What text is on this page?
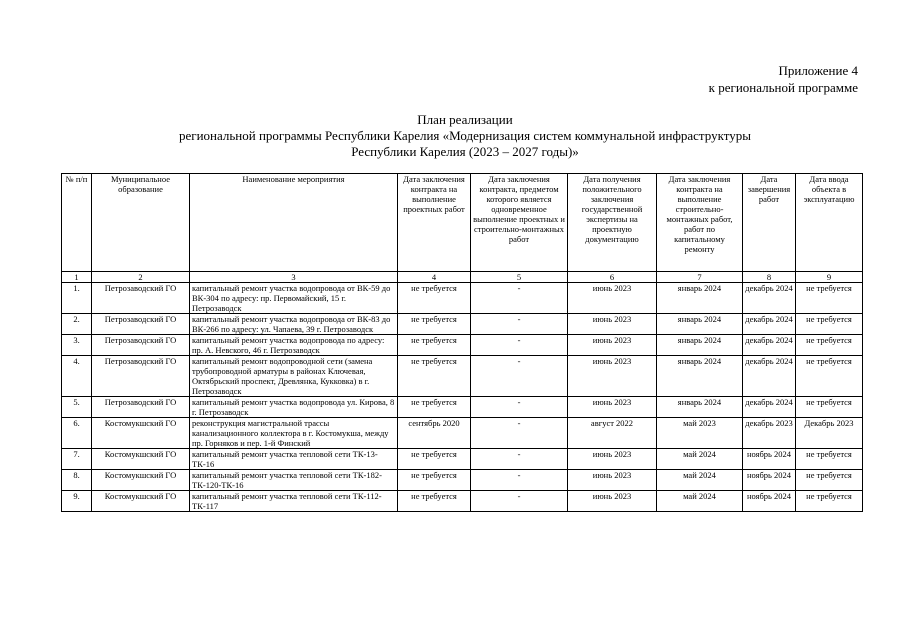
Приложение 4
к региональной программе
План реализации
региональной программы Республики Карелия «Модернизация систем коммунальной инфраструктуры
Республики Карелия (2023 – 2027 годы)»
№ п/п	Муниципальное образование	Наименование мероприятия	Дата заключения контракта на выполнение проектных работ	Дата заключения контракта, предметом которого является одновременное выполнение проектных и строительно-монтажных работ	Дата получения положительного заключения государственной экспертизы на проектную документацию	Дата заключения контракта на выполнение строительно-монтажных работ, работ по капитальному ремонту	Дата завершения работ	Дата ввода объекта в эксплуатацию
1	2	3	4	5	6	7	8	9
1.	Петрозаводский ГО	капитальный ремонт участка водопровода от ВК-59 до ВК-304 по адресу: пр. Первомайский, 15 г. Петрозаводск	не требуется	-	июнь 2023	январь 2024	декабрь 2024	не требуется
2.	Петрозаводский ГО	капитальный ремонт участка водопровода от ВК-83 до ВК-266 по адресу: ул. Чапаева, 39 г. Петрозаводск	не требуется	-	июнь 2023	январь 2024	декабрь 2024	не требуется
3.	Петрозаводский ГО	капитальный ремонт участка водопровода по адресу: пр. А. Невского, 46 г. Петрозаводск	не требуется	-	июнь 2023	январь 2024	декабрь 2024	не требуется
4.	Петрозаводский ГО	капитальный ремонт водопроводной сети (замена трубопроводной арматуры в районах Ключевая, Октябрьский проспект, Древлянка, Кукковка) в г. Петрозаводск	не требуется	-	июнь 2023	январь 2024	декабрь 2024	не требуется
5.	Петрозаводский ГО	капитальный ремонт участка водопровода ул. Кирова, 8 г. Петрозаводск	не требуется	-	июнь 2023	январь 2024	декабрь 2024	не требуется
6.	Костомукшский ГО	реконструкция магистральной трассы канализационного коллектора в г. Костомукша, между пр. Горняков и пер. 1-й Финский	сентябрь 2020	-	август 2022	май 2023	декабрь 2023	Декабрь 2023
7.	Костомукшский ГО	капитальный ремонт участка тепловой сети ТК-13-ТК-16	не требуется	-	июнь 2023	май 2024	ноябрь 2024	не требуется
8.	Костомукшский ГО	капитальный ремонт участка тепловой сети ТК-182-ТК-120-ТК-16	не требуется	-	июнь 2023	май 2024	ноябрь 2024	не требуется
9.	Костомукшский ГО	капитальный ремонт участка тепловой сети ТК-112-ТК-117	не требуется	-	июнь 2023	май 2024	ноябрь 2024	не требуется
